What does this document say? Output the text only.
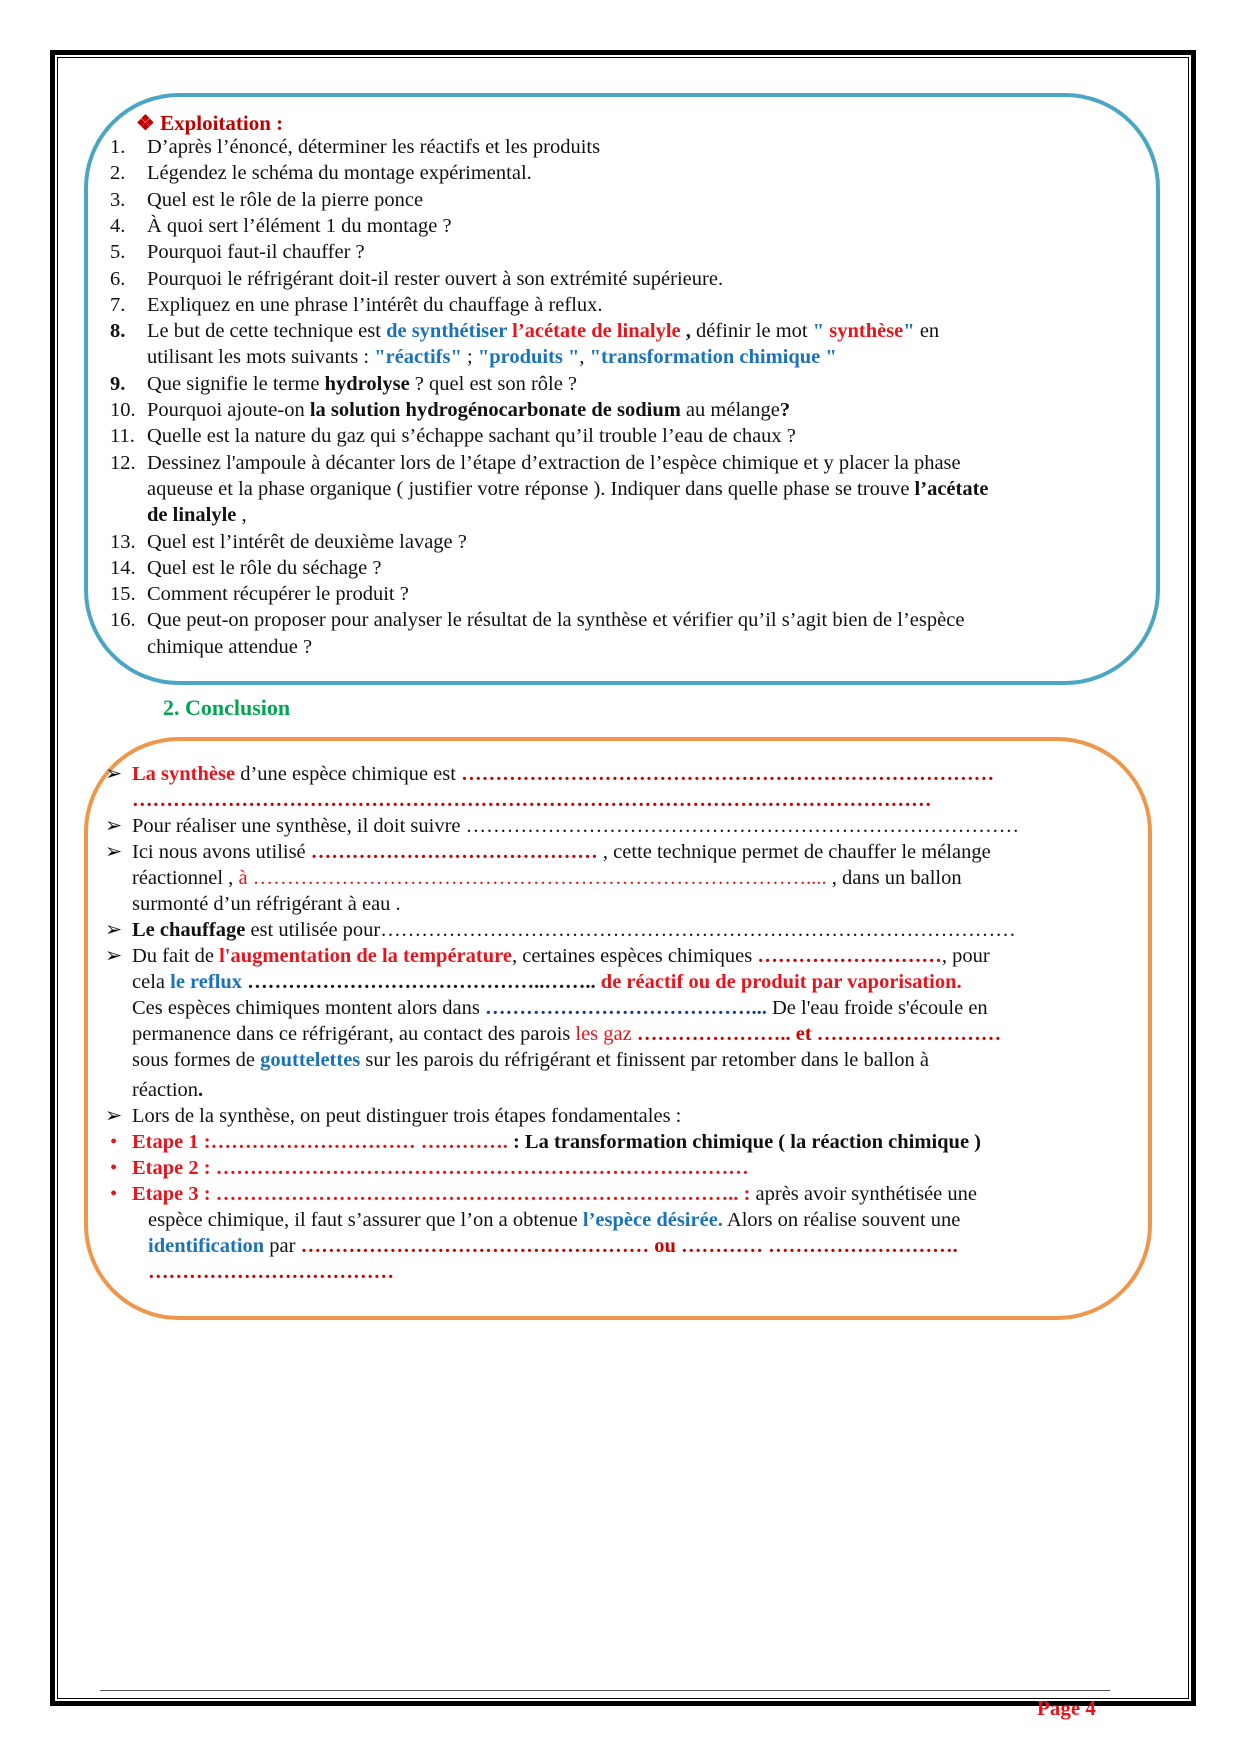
❖ Exploitation :
1.	D’après l’énoncé, déterminer les réactifs et les produits
2.	Légendez le schéma du montage expérimental.
3.	Quel est le rôle de la pierre ponce
4.	À quoi sert l’élément 1 du montage ?
5.	Pourquoi faut-il chauffer ?
6.	Pourquoi le réfrigérant doit-il rester ouvert à son extrémité supérieure.
7.	Expliquez en une phrase l’intérêt du chauffage à reflux.
8.	Le but de cette technique est de synthétiser l’acétate de linalyle , définir le mot " synthèse" en
utilisant les mots suivants : "réactifs" ; "produits ", "transformation chimique "
9.	Que signifie le terme hydrolyse ? quel est son rôle ?
10. Pourquoi ajoute-on la solution hydrogénocarbonate de sodium au mélange?
11. Quelle est la nature du gaz qui s’échappe sachant qu’il trouble l’eau de chaux ?
12. Dessinez l'ampoule à décanter lors de l’étape d’extraction de l’espèce chimique et y placer la phase
aqueuse et la phase organique ( justifier votre réponse ). Indiquer dans quelle phase se trouve l’acétate
de linalyle ,
13. Quel est l’intérêt de deuxième lavage ?
14. Quel est le rôle du séchage ?
15. Comment récupérer le produit ?
16. Que peut-on proposer pour analyser le résultat de la synthèse et vérifier qu’il s’agit bien de l’espèce
chimique attendue ?
2. Conclusion
➢ La synthèse d’une espèce chimique est ……………………………………………………………………
………………………………………………………………………………………………………
➢ Pour réaliser une synthèse, il doit suivre ………………………………………………………………………
➢ Ici nous avons utilisé …………………………………… , cette technique permet de chauffer le mélange
réactionnel , à ……………………………………………………………………….... , dans un ballon
surmonté d’un réfrigérant à eau .
➢ Le chauffage est utilisée pour…………………………………………………………………………………
➢ Du fait de l'augmentation de la température, certaines espèces chimiques ………………………, pour
cela le reflux ……………………………………..…….. de réactif ou de produit par vaporisation.
Ces espèces chimiques montent alors dans …………………………………... De l'eau froide s'écoule en
permanence dans ce réfrigérant, au contact des parois les gaz ………………….. et ………………………
sous formes de gouttelettes sur les parois du réfrigérant et finissent par retomber dans le ballon à
réaction.
➢ Lors de la synthèse, on peut distinguer trois étapes fondamentales :
• Etape 1 :………………………… …………. : La transformation chimique ( la réaction chimique )
• Etape 2 : ……………………………………………………………………
• Etape 3 : ………………………………………………………………….. : après avoir synthétisée une
espèce chimique, il faut s’assurer que l’on a obtenue l’espèce désirée. Alors on réalise souvent une
identification par …………………………………………… ou ………… ……………………….
………………………………
Page 4
